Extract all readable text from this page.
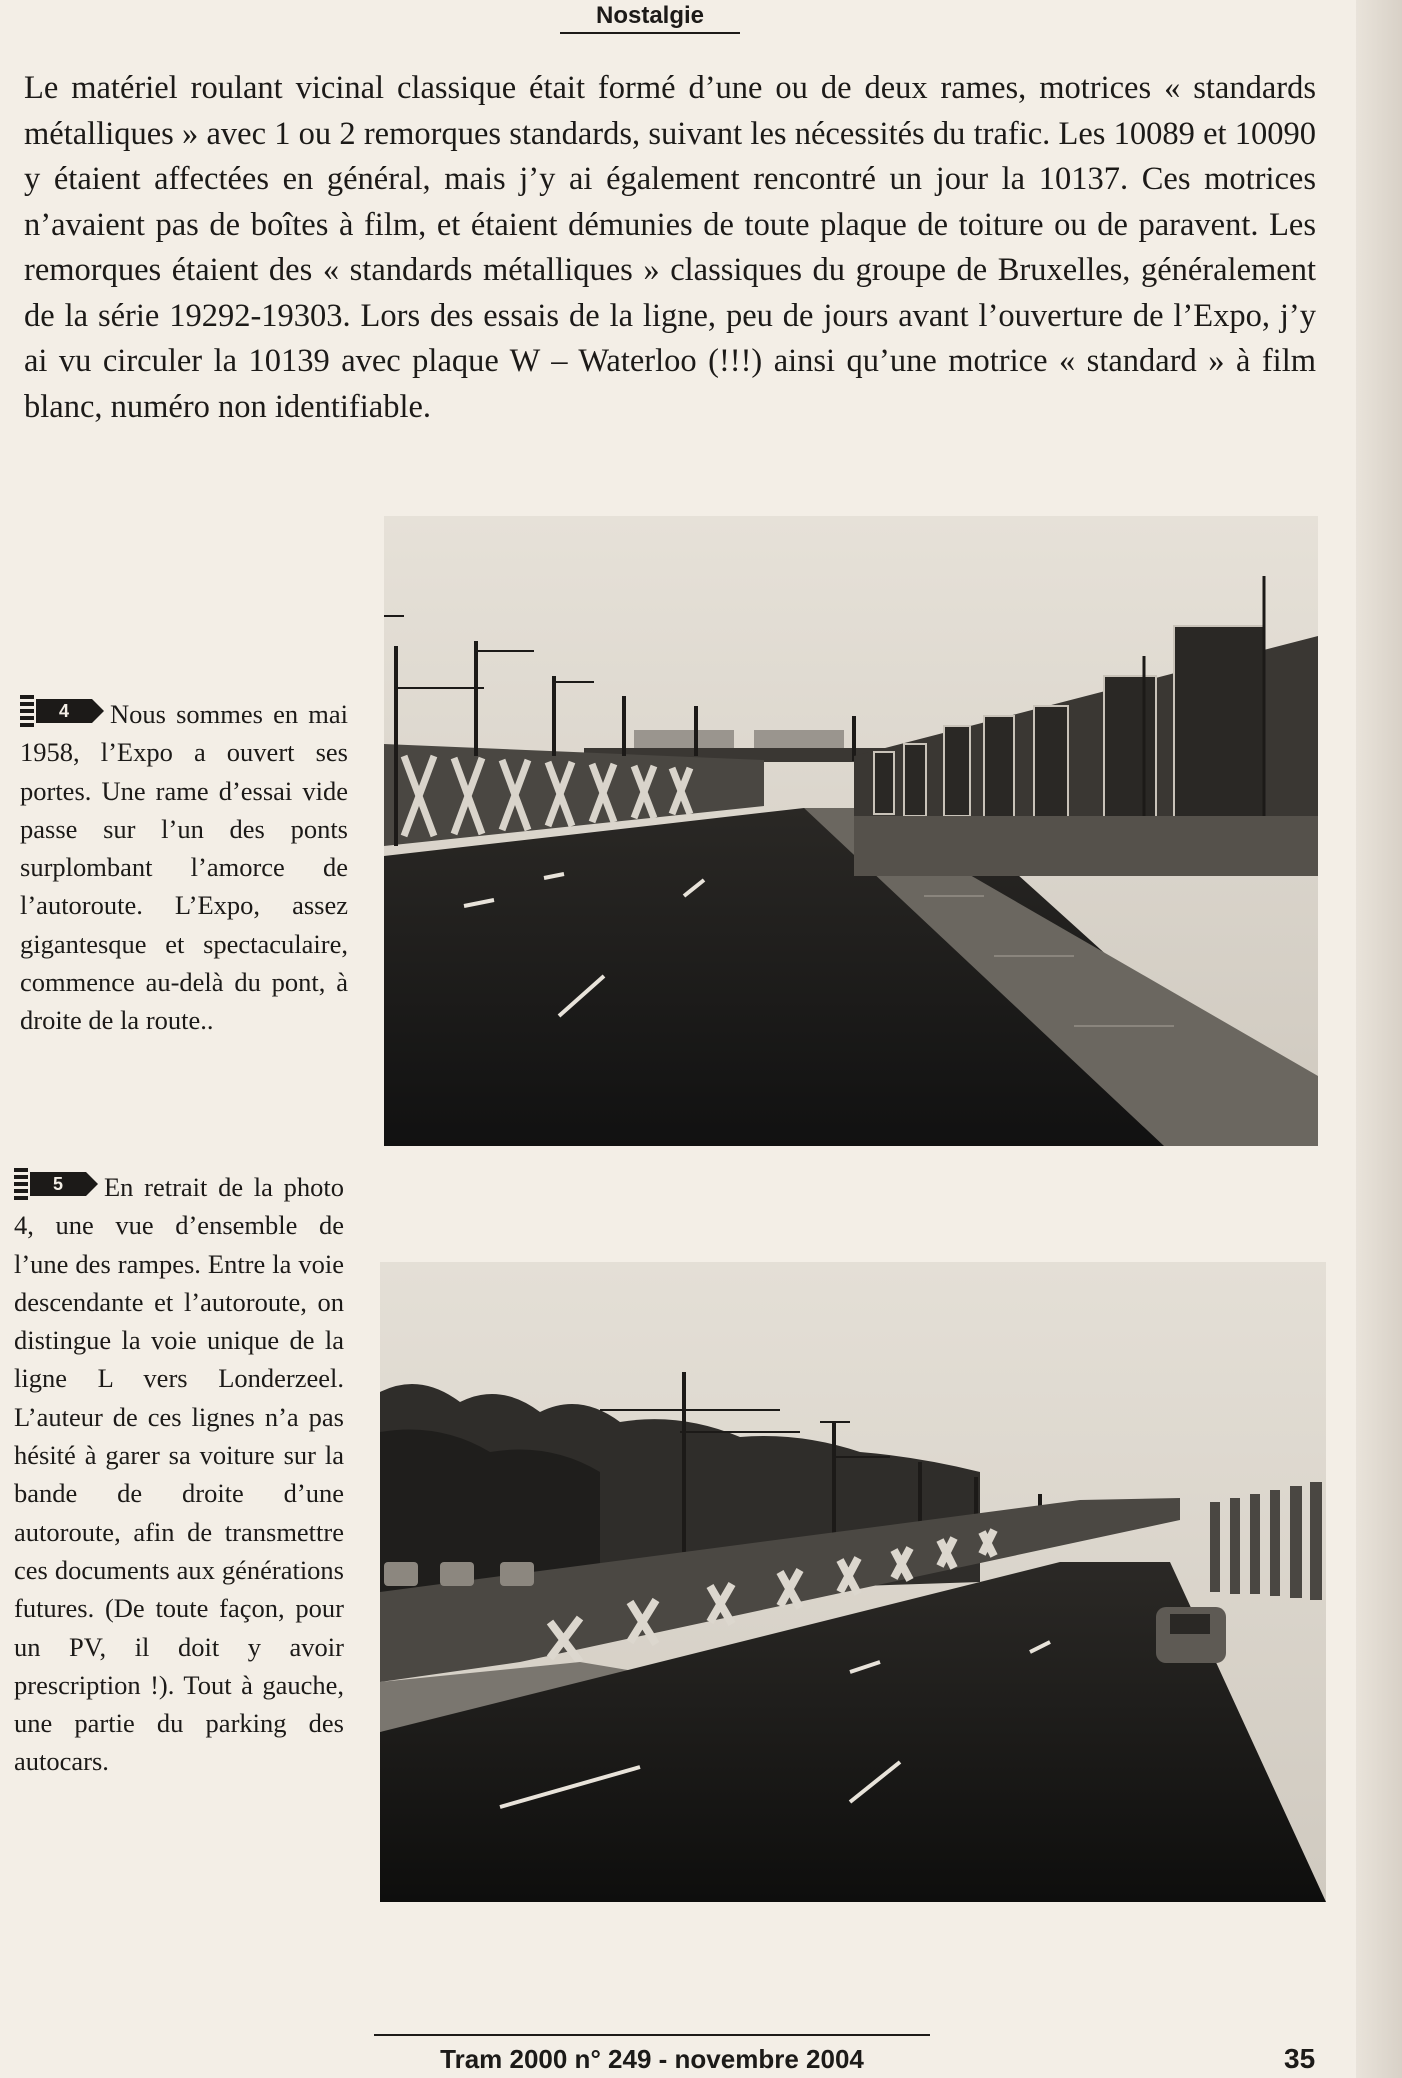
Nostalgie

Le matériel roulant vicinal classique était formé d’une ou de deux rames, motrices « standards métalliques » avec 1 ou 2 remorques standards, suivant les nécessités du trafic. Les 10089 et 10090 y étaient affectées en général, mais j’y ai également rencontré un jour la 10137. Ces motrices n’avaient pas de boîtes à film, et étaient démunies de toute plaque de toiture ou de paravent. Les remorques étaient des « standards métalliques » classiques du groupe de Bruxelles, généralement de la série 19292-19303. Lors des essais de la ligne, peu de jours avant l’ouverture de l’Expo, j’y ai vu circuler la 10139 avec plaque W – Waterloo (!!!) ainsi qu’une motrice « standard » à film blanc, numéro non identifiable.

4	Nous sommes en mai 1958, l’Expo a ouvert ses portes. Une rame d’essai vide passe sur l’un des ponts surplombant l’amorce de l’autoroute. L’Expo, assez gigantesque et spectaculaire, commence au-delà du pont, à droite de la route..

5	En retrait de la photo 4, une vue d’ensemble de l’une des rampes. Entre la voie descendante et l’autoroute, on distingue la voie unique de la ligne L vers Londerzeel. L’auteur de ces lignes n’a pas hésité à garer sa voiture sur la bande de droite d’une autoroute, afin de transmettre ces documents aux générations futures. (De toute façon, pour un PV, il doit y avoir prescription !). Tout à gauche, une partie du parking des autocars.

Tram 2000 n° 249 - novembre 2004	35
